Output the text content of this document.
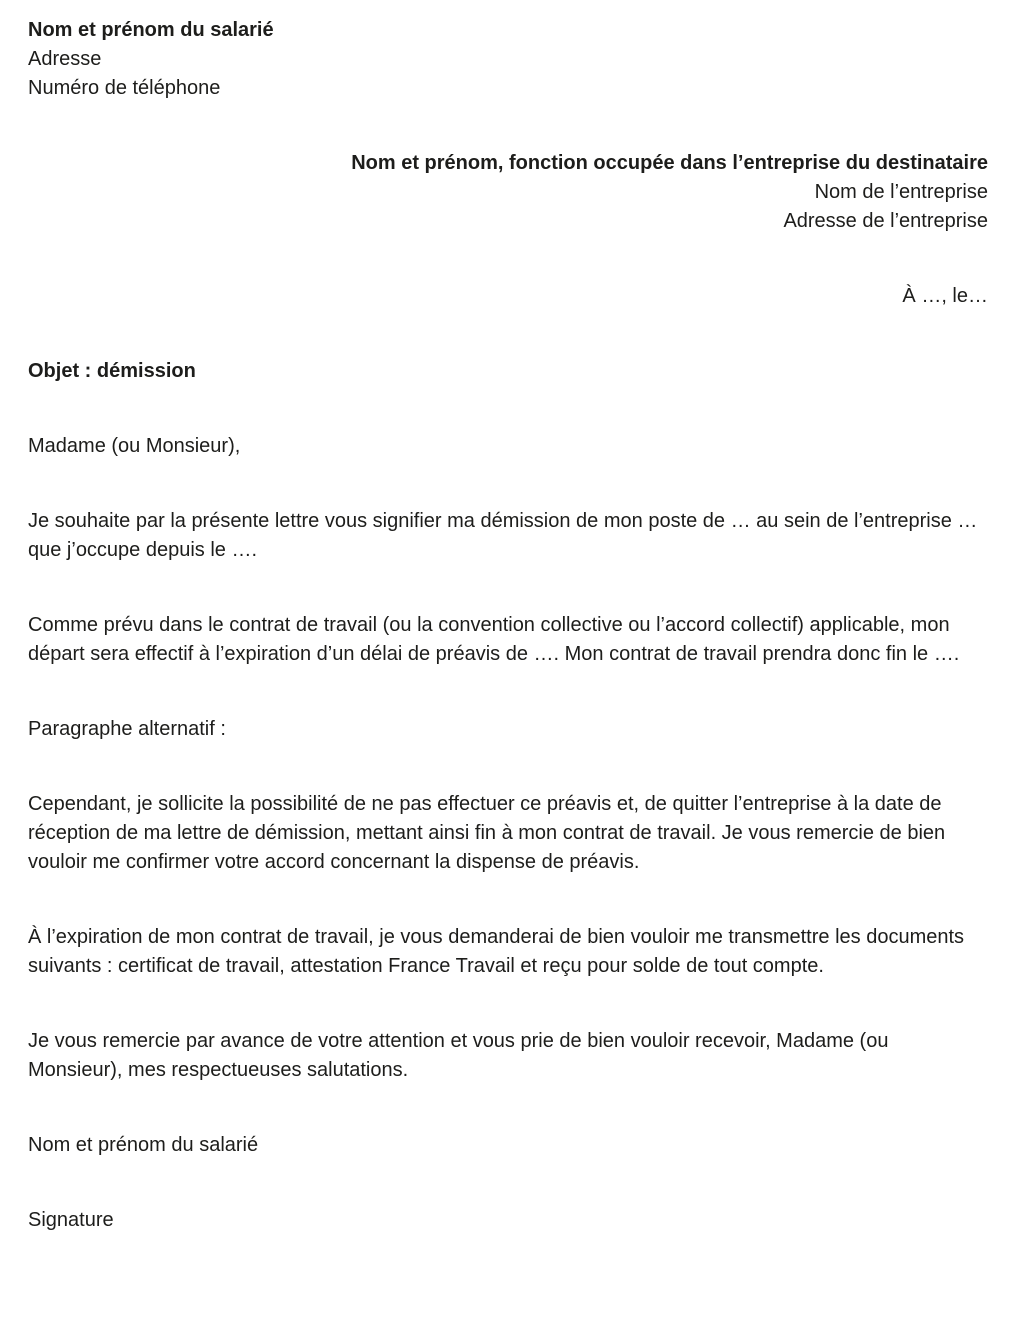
Nom et prénom du salarié
Adresse
Numéro de téléphone
Nom et prénom, fonction occupée dans l’entreprise du destinataire
Nom de l’entreprise
Adresse de l’entreprise
À …, le…
Objet : démission
Madame (ou Monsieur),

Je souhaite par la présente lettre vous signifier ma démission de mon poste de … au sein de l’entreprise … que j’occupe depuis le ….

Comme prévu dans le contrat de travail (ou la convention collective ou l’accord collectif) applicable, mon départ sera effectif à l’expiration d’un délai de préavis de …. Mon contrat de travail prendra donc fin le ….

Paragraphe alternatif :

Cependant, je sollicite la possibilité de ne pas effectuer ce préavis et, de quitter l’entreprise à la date de réception de ma lettre de démission, mettant ainsi fin à mon contrat de travail. Je vous remercie de bien vouloir me confirmer votre accord concernant la dispense de préavis.

À l’expiration de mon contrat de travail, je vous demanderai de bien vouloir me transmettre les documents suivants : certificat de travail, attestation France Travail et reçu pour solde de tout compte.

Je vous remercie par avance de votre attention et vous prie de bien vouloir recevoir, Madame (ou Monsieur), mes respectueuses salutations.

Nom et prénom du salarié
Signature
